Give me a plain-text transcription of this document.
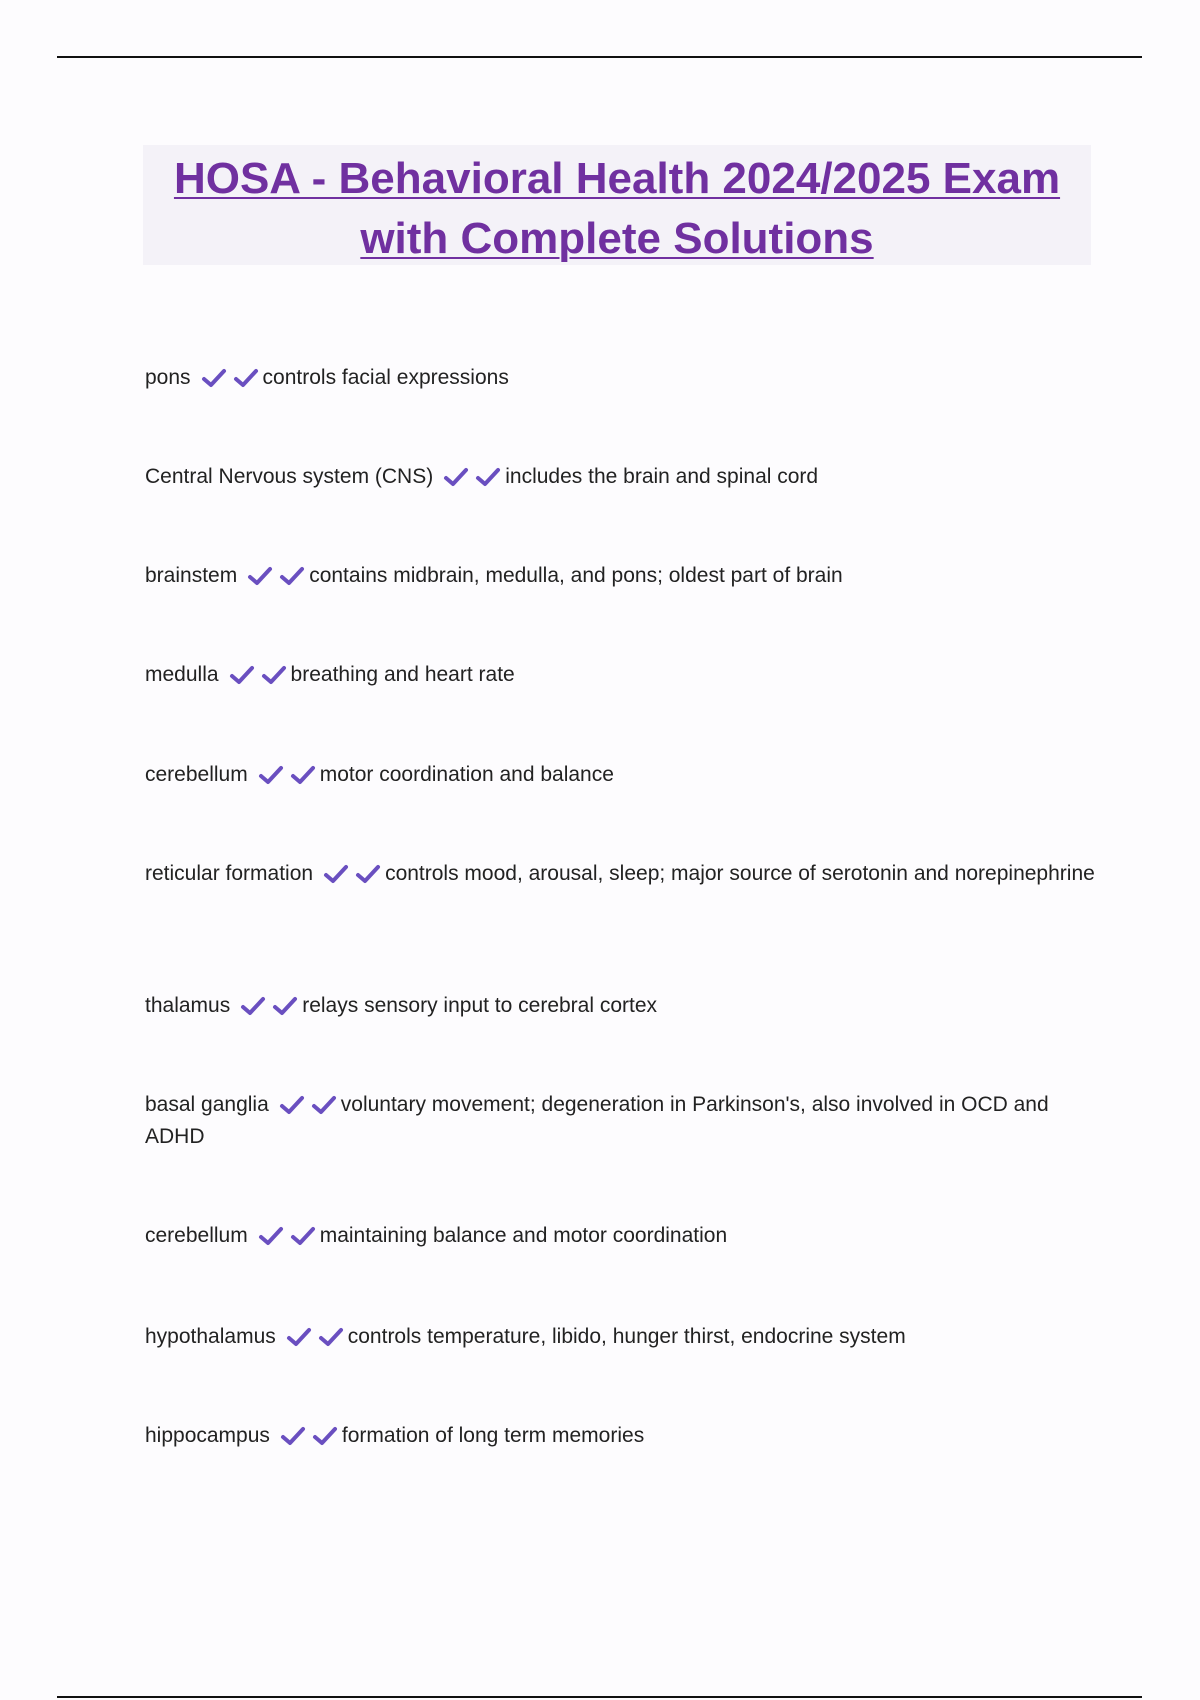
HOSA - Behavioral Health 2024/2025 Exam
with Complete Solutions
pons	controls facial expressions
Central Nervous system (CNS)	includes the brain and spinal cord
brainstem	contains midbrain, medulla, and pons; oldest part of brain
medulla	breathing and heart rate
cerebellum	motor coordination and balance
reticular formation	controls mood, arousal, sleep; major source of serotonin and norepinephrine
thalamus	relays sensory input to cerebral cortex
basal ganglia	voluntary movement; degeneration in Parkinson's, also involved in OCD and ADHD
cerebellum	maintaining balance and motor coordination
hypothalamus	controls temperature, libido, hunger thirst, endocrine system
hippocampus	formation of long term memories
